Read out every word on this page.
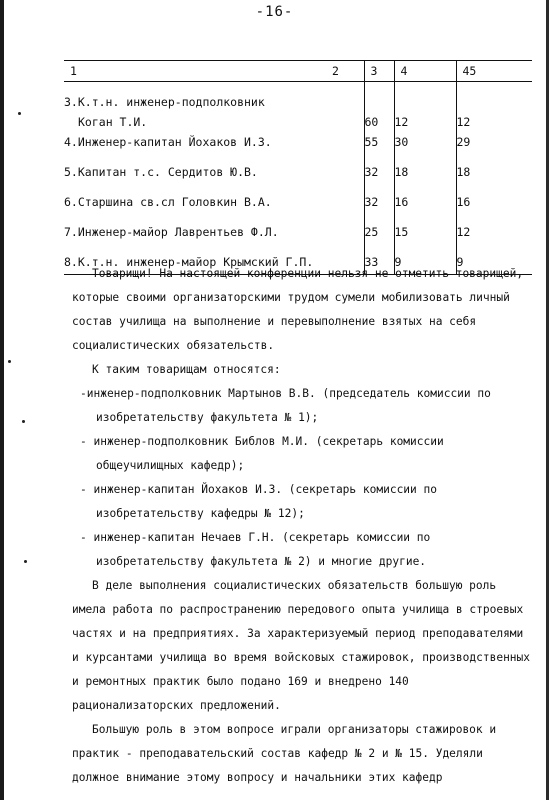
-16-
1	2	3	4	45

3.К.т.н. инженер-подполковник
Коган Т.И.		60	12	12

4.Инженер-капитан Йохаков И.З.		55	30	29

5.Капитан т.с. Сердитов Ю.В.		32	18	18

6.Старшина св.сл Головкин В.А.		32	16	16

7.Инженер-майор Лаврентьев Ф.Л.		25	15	12

8.К.т.н. инженер-майор Крымский Г.П.		33	9	9

Товарищи! На настоящей конференции нельзя не отметить товарищей, которые своими организаторскими трудом сумели мобилизовать личный состав училища на выполнение и перевыполнение взятых на себя социалистических обязательств.

К таким товарищам относятся:

-инженер-подполковник Мартынов В.В. (председатель комиссии по изобретательству факультета № 1);

- инженер-подполковник Библов М.И. (секретарь комиссии общеучилищных кафедр);

- инженер-капитан Йохаков И.З. (секретарь комиссии по изобретательству кафедры № 12);

- инженер-капитан Нечаев Г.Н. (секретарь комиссии по изобретательству факультета № 2) и многие другие.

В деле выполнения социалистических обязательств большую роль имела работа по распространению передового опыта училища в строевых частях и на предприятиях. За характеризуемый период преподавателями и курсантами училища во время войсковых стажировок, производственных и ремонтных практик было подано 169 и внедрено 140 рационализаторских предложений.

Большую роль в этом вопросе играли организаторы стажировок и практик - преподавательский состав кафедр № 2 и № 15. Уделяли должное внимание этому вопросу и начальники этих кафедр
